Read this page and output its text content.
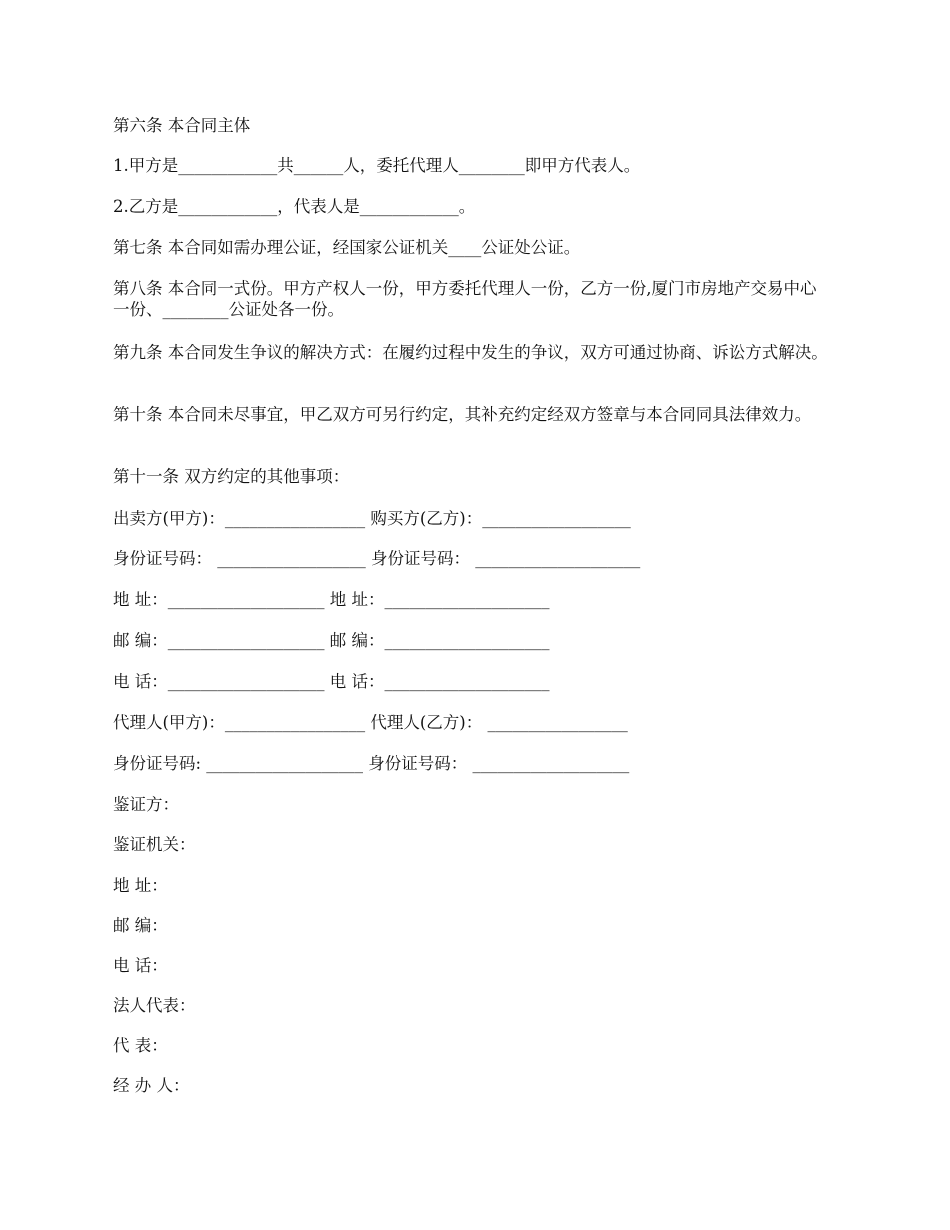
第六条 本合同主体
1.甲方是____________共______人，委托代理人________即甲方代表人。
2.乙方是____________，代表人是____________。
第七条 本合同如需办理公证，经国家公证机关____公证处公证。
第八条 本合同一式份。甲方产权人一份，甲方委托代理人一份，乙方一份,厦门市房地产交易中心一份、________公证处各一份。
第九条 本合同发生争议的解决方式：在履约过程中发生的争议，双方可通过协商、诉讼方式解决。
第十条 本合同未尽事宜，甲乙双方可另行约定，其补充约定经双方签章与本合同同具法律效力。
第十一条 双方约定的其他事项：
出卖方(甲方)：_________________ 购买方(乙方)：__________________
身份证号码： __________________ 身份证号码： ____________________
地 址：___________________ 地 址：____________________
邮 编：___________________ 邮 编：____________________
电 话：___________________ 电 话：____________________
代理人(甲方)：_________________ 代理人(乙方)： _________________
身份证号码: ___________________ 身份证号码： ___________________
鉴证方：
鉴证机关：
地 址：
邮 编：
电 话：
法人代表：
代 表：
经 办 人：
